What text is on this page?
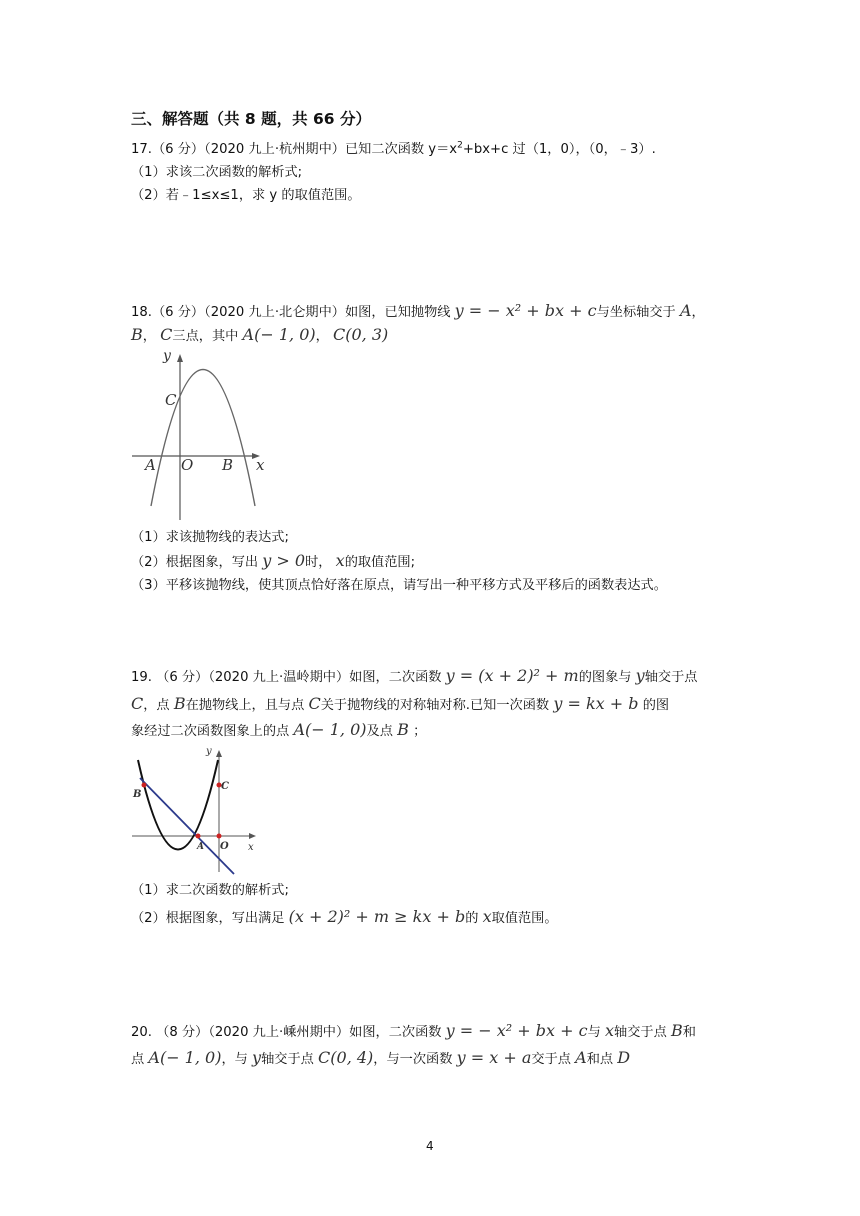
三、解答题（共 8 题，共 66 分）
17.（6 分）（2020 九上·杭州期中）已知二次函数 $y=x^2+bx+c$ 过（1，0），（0，﹣3）.
（1）求该二次函数的解析式;
（2）若﹣1≤x≤1，求 y 的取值范围。
18.（6 分）（2020 九上·北仑期中）如图，已知抛物线 y = − x² + bx + c与坐标轴交于 A，
B， C三点，其中 A(− 1, 0)， C(0, 3)
y
C
A O B x
（1）求该抛物线的表达式;
（2）根据图象，写出 y > 0时， x的取值范围;
（3）平移该抛物线，使其顶点恰好落在原点，请写出一种平移方式及平移后的函数表达式。
19. （6 分）（2020 九上·温岭期中）如图，二次函数 y = (x + 2)² + m的图象与 y轴交于点
C，点 B在抛物线上，且与点 C关于抛物线的对称轴对称.已知一次函数 y = kx + b 的图
象经过二次函数图象上的点 A(− 1, 0)及点 B ；
y
C
B
A O x
（1）求二次函数的解析式;
（2）根据图象，写出满足 (x + 2)² + m ≥ kx + b的 x取值范围。
20. （8 分）（2020 九上·嵊州期中）如图，二次函数 y = − x² + bx + c与 x轴交于点 B和
点 A(− 1, 0)，与 y轴交于点 C(0, 4)，与一次函数 y = x + a交于点 A和点 D
4
